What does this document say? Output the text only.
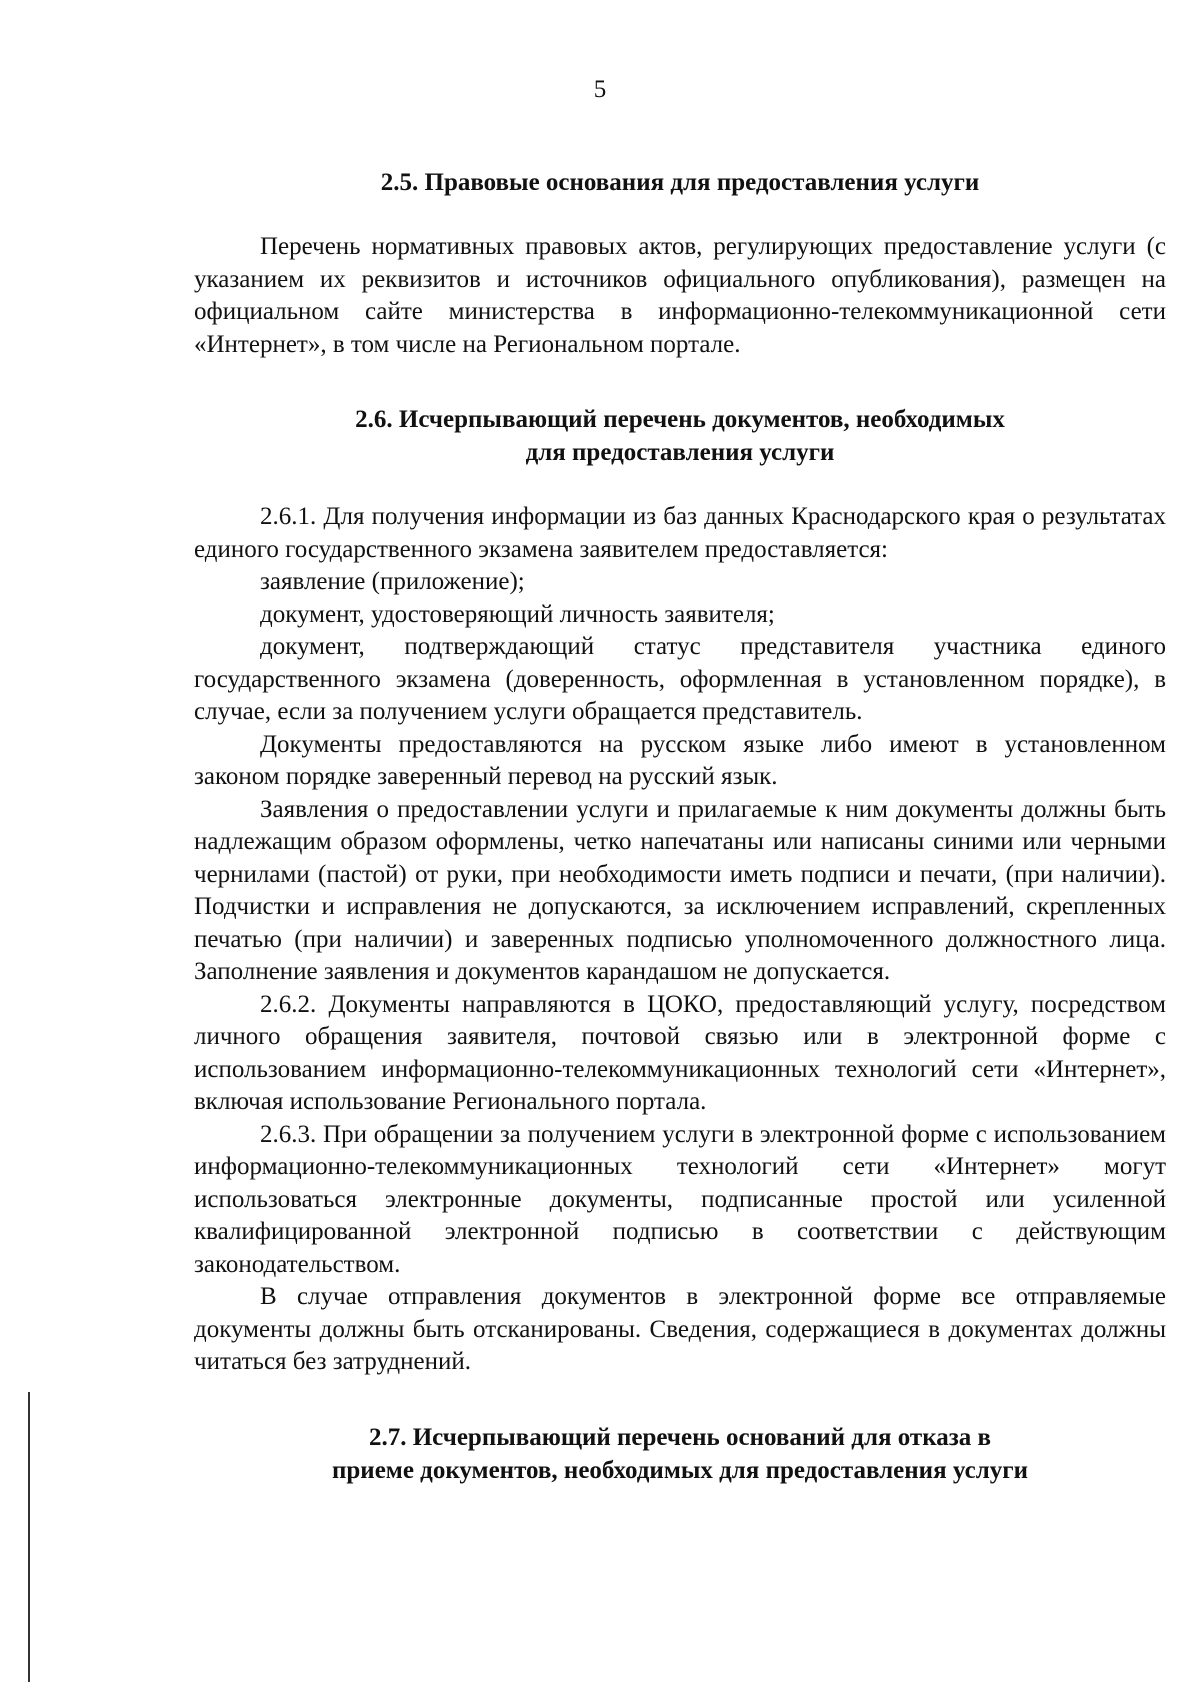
5
2.5. Правовые основания для предоставления услуги

Перечень нормативных правовых актов, регулирующих предоставление услуги (с указанием их реквизитов и источников официального опубликования), размещен на официальном сайте министерства в информационно-телекоммуникационной сети «Интернет», в том числе на Региональном портале.

2.6. Исчерпывающий перечень документов, необходимых
для предоставления услуги

2.6.1. Для получения информации из баз данных Краснодарского края о результатах единого государственного экзамена заявителем предоставляется:

заявление (приложение);

документ, удостоверяющий личность заявителя;

документ, подтверждающий статус представителя участника единого государственного экзамена (доверенность, оформленная в установленном порядке), в случае, если за получением услуги обращается представитель.

Документы предоставляются на русском языке либо имеют в установленном законом порядке заверенный перевод на русский язык.

Заявления о предоставлении услуги и прилагаемые к ним документы должны быть надлежащим образом оформлены, четко напечатаны или написаны синими или черными чернилами (пастой) от руки, при необходимости иметь подписи и печати, (при наличии). Подчистки и исправления не допускаются, за исключением исправлений, скрепленных печатью (при наличии) и заверенных подписью уполномоченного должностного лица. Заполнение заявления и документов карандашом не допускается.

2.6.2. Документы направляются в ЦОКО, предоставляющий услугу, посредством личного обращения заявителя, почтовой связью или в электронной форме с использованием информационно-телекоммуникационных технологий сети «Интернет», включая использование Регионального портала.

2.6.3. При обращении за получением услуги в электронной форме с использованием информационно-телекоммуникационных технологий сети «Интернет» могут использоваться электронные документы, подписанные простой или усиленной квалифицированной электронной подписью в соответствии с действующим законодательством.

В случае отправления документов в электронной форме все отправляемые документы должны быть отсканированы. Сведения, содержащиеся в документах должны читаться без затруднений.

2.7. Исчерпывающий перечень оснований для отказа в
приеме документов, необходимых для предоставления услуги
